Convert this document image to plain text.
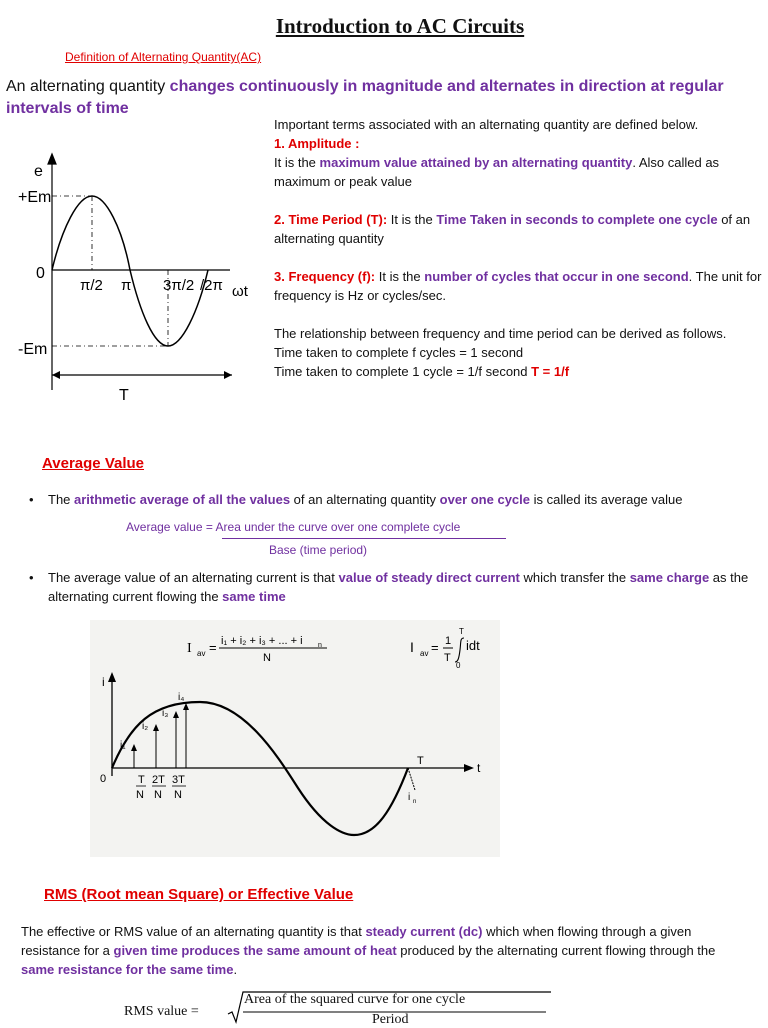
Introduction to AC Circuits
Definition of Alternating Quantity(AC)
An alternating quantity changes continuously in magnitude and alternates in direction at regular intervals of time
e
+Em
0
-Em
π/2 π 3π/2 /2π ωt
T

Important terms associated with an alternating quantity are defined below.

1. Amplitude :

It is the maximum value attained by an alternating quantity. Also called as maximum or peak value

2. Time Period (T): It is the Time Taken in seconds to complete one cycle of an alternating quantity

3. Frequency (f): It is the number of cycles that occur in one second. The unit for frequency is Hz or cycles/sec.

The relationship between frequency and time period can be derived as follows.

Time taken to complete f cycles = 1 second

Time taken to complete 1 cycle = 1/f second T = 1/f

Average Value
• The arithmetic average of all the values of an alternating quantity over one cycle is called its average value
Average value = Area under the curve over one complete cycle
Base (time period)
• The average value of an alternating current is that value of steady direct current which transfer the same charge as the alternating current flowing the same time
I av = i₁ + i₂ + i₃ + ... + i n
N
I av = 1
T
T
0
idt
i
t
0
i₁
i₂
i₃
i₄
i n
T
N
2T
N
3T
N
T
RMS (Root mean Square) or Effective Value
The effective or RMS value of an alternating quantity is that steady current (dc) which when flowing through a given resistance for a given time produces the same amount of heat produced by the alternating current flowing through the same resistance for the same time.
RMS value =
Area of the squared curve for one cycle
Period
